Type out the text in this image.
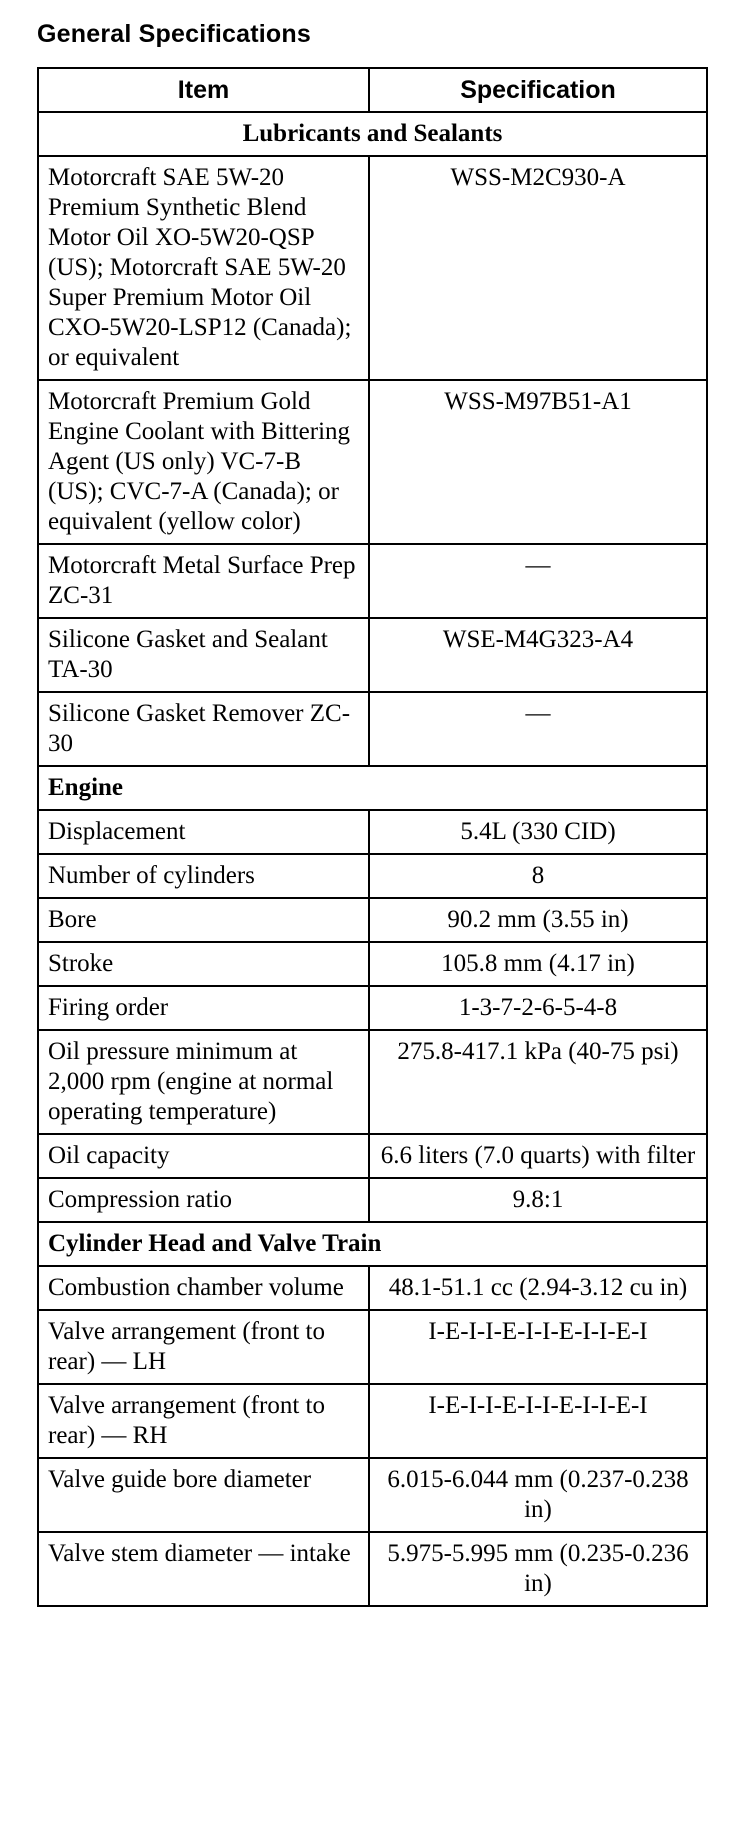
General Specifications
Item	Specification
Lubricants and Sealants	
Motorcraft SAE 5W-20 Premium Synthetic Blend Motor Oil XO-5W20-QSP (US); Motorcraft SAE 5W-20 Super Premium Motor Oil CXO-5W20-LSP12 (Canada); or equivalent	WSS-M2C930-A
Motorcraft Premium Gold Engine Coolant with Bittering Agent (US only) VC-7-B (US); CVC-7-A (Canada); or equivalent (yellow color)	WSS-M97B51-A1
Motorcraft Metal Surface Prep ZC-31	—
Silicone Gasket and Sealant TA-30	WSE-M4G323-A4
Silicone Gasket Remover ZC-30	—
Engine	
Displacement	5.4L (330 CID)
Number of cylinders	8
Bore	90.2 mm (3.55 in)
Stroke	105.8 mm (4.17 in)
Firing order	1-3-7-2-6-5-4-8
Oil pressure minimum at 2,000 rpm (engine at normal operating temperature)	275.8-417.1 kPa (40-75 psi)
Oil capacity	6.6 liters (7.0 quarts) with filter
Compression ratio	9.8:1
Cylinder Head and Valve Train	
Combustion chamber volume	48.1-51.1 cc (2.94-3.12 cu in)
Valve arrangement (front to rear) — LH	I-E-I-I-E-I-I-E-I-I-E-I
Valve arrangement (front to rear) — RH	I-E-I-I-E-I-I-E-I-I-E-I
Valve guide bore diameter	6.015-6.044 mm (0.237-0.238 in)
Valve stem diameter — intake	5.975-5.995 mm (0.235-0.236 in)
